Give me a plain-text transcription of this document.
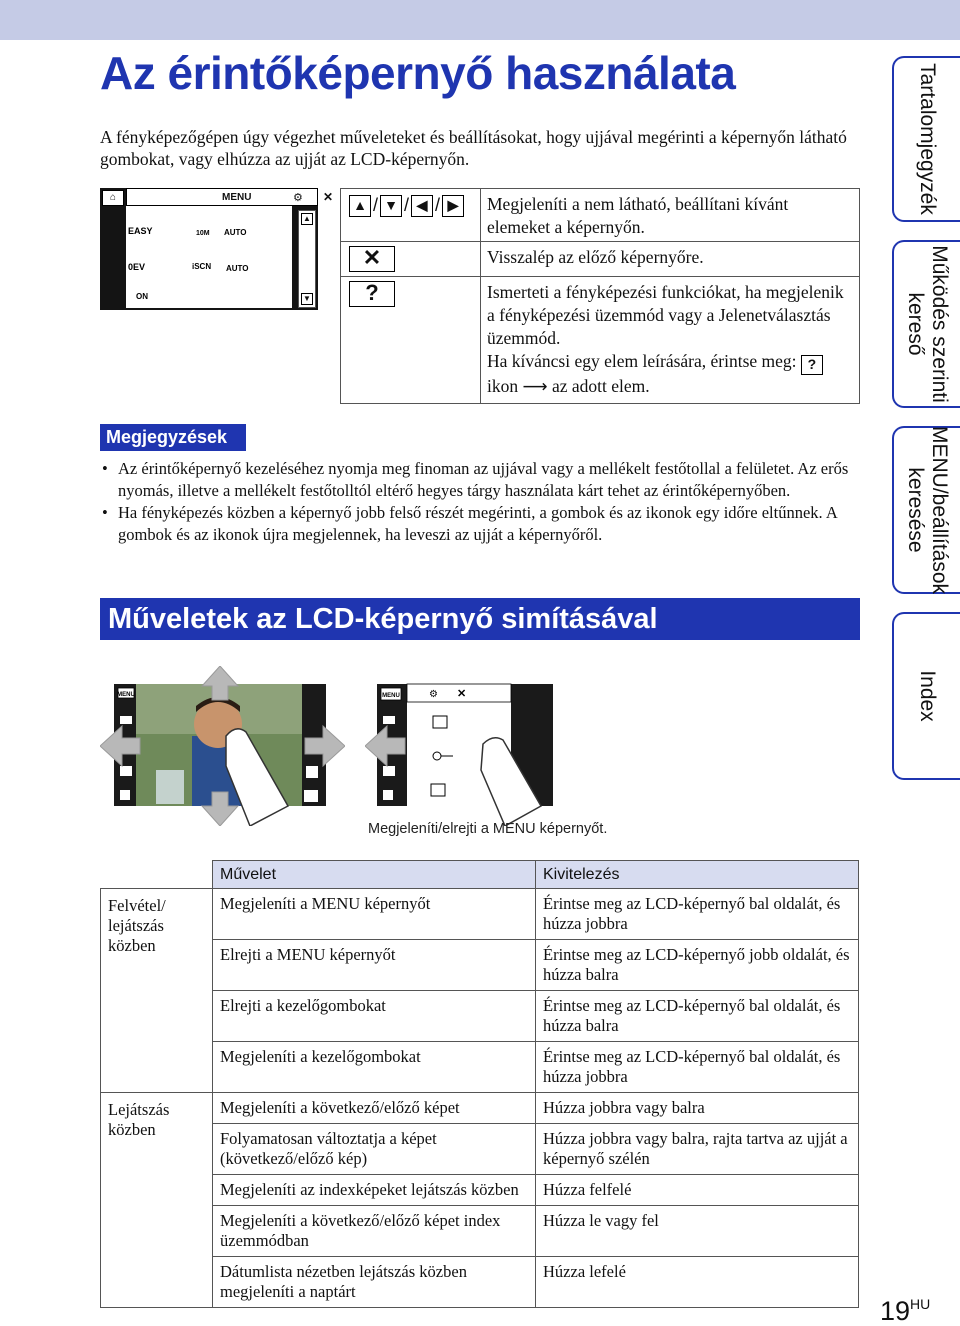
Az érintőképernyő használata

A fényképezőgépen úgy végezhet műveleteket és beállításokat, hogy ujjával megérinti a képernyőn látható gombokat, vagy elhúzza az ujját az LCD-képernyőn.

⌂	MENU	⚙ ✕
EASY
0EV
ON
AUTO
AUTO
iSCN
10M
▲
▼
▲ / ▼ / ◀ / ▶	Megjeleníti a nem látható, beállítani kívánt elemeket a képernyőn.
✕	Visszalép az előző képernyőre.
?	Ismerteti a fényképezési funkciókat, ha megjelenik a fényképezési üzemmód vagy a Jelenetválasztás üzemmód.
Ha kíváncsi egy elem leírására, érintse meg: ? ikon ⟶ az adott elem.
Megjegyzések
• Az érintőképernyő kezeléséhez nyomja meg finoman az ujjával vagy a mellékelt festőtollal a felületet. Az erős nyomás, illetve a mellékelt festőtolltól eltérő hegyes tárgy használata kárt tehet az érintőképernyőben.
• Ha fényképezés közben a képernyő jobb felső részét megérinti, a gombok és az ikonok egy időre eltűnnek. A gombok és az ikonok újra megjelennek, ha leveszi az ujját a képernyőről.
Műveletek az LCD-képernyő simításával
MENU	⚙ ✕
MENU
Megjeleníti/elrejti a MENU képernyőt.
	Művelet	Kivitelezés
Felvétel/ lejátszás közben	Megjeleníti a MENU képernyőt	Érintse meg az LCD-képernyő bal oldalát, és húzza jobbra
	Elrejti a MENU képernyőt	Érintse meg az LCD-képernyő jobb oldalát, és húzza balra
	Elrejti a kezelőgombokat	Érintse meg az LCD-képernyő bal oldalát, és húzza balra
	Megjeleníti a kezelőgombokat	Érintse meg az LCD-képernyő bal oldalát, és húzza jobbra
Lejátszás közben	Megjeleníti a következő/előző képet	Húzza jobbra vagy balra
	Folyamatosan változtatja a képet (következő/előző kép)	Húzza jobbra vagy balra, rajta tartva az ujját a képernyő szélén
	Megjeleníti az indexképeket lejátszás közben	Húzza felfelé
	Megjeleníti a következő/előző képet index üzemmódban	Húzza le vagy fel
	Dátumlista nézetben lejátszás közben megjeleníti a naptárt	Húzza lefelé
Tartalomjegyzék
Működés szerinti kereső
MENU/beállítások keresése
Index
$19^{HU}$
